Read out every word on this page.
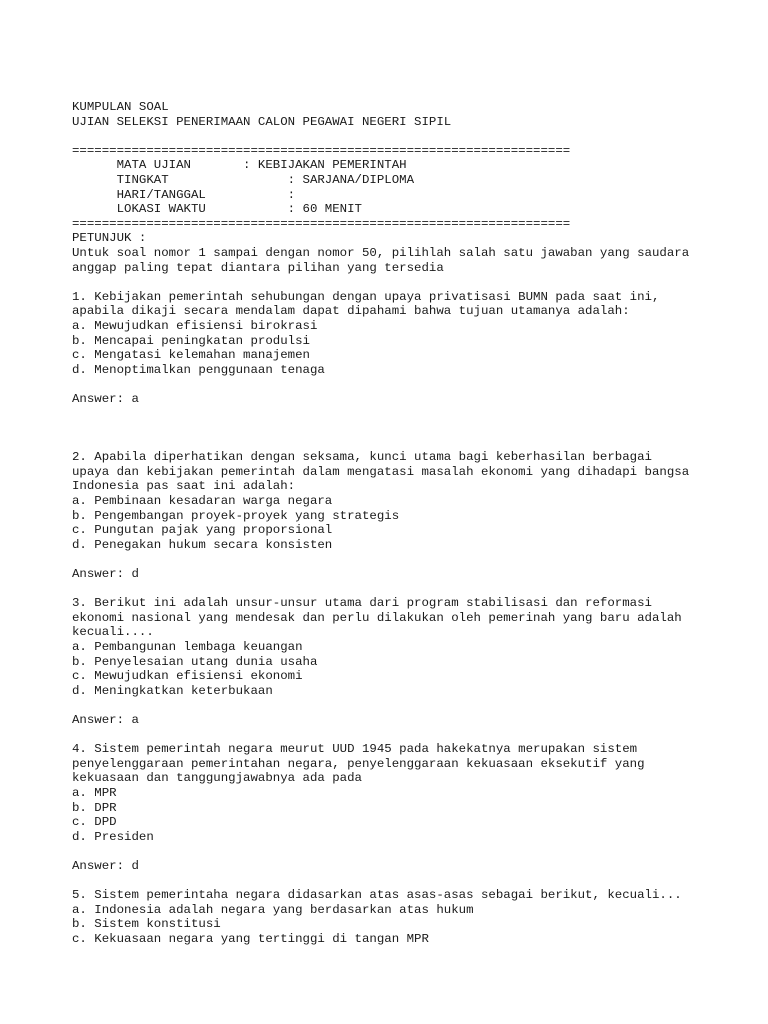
KUMPULAN SOAL
UJIAN SELEKSI PENERIMAAN CALON PEGAWAI NEGERI SIPIL
===================================================================
MATA UJIAN       : KEBIJAKAN PEMERINTAH
TINGKAT                : SARJANA/DIPLOMA
HARI/TANGGAL           :
LOKASI WAKTU           : 60 MENIT
===================================================================
PETUNJUK :
Untuk soal nomor 1 sampai dengan nomor 50, pilihlah salah satu jawaban yang saudara
anggap paling tepat diantara pilihan yang tersedia
1. Kebijakan pemerintah sehubungan dengan upaya privatisasi BUMN pada saat ini,
apabila dikaji secara mendalam dapat dipahami bahwa tujuan utamanya adalah:
a. Mewujudkan efisiensi birokrasi
b. Mencapai peningkatan produlsi
c. Mengatasi kelemahan manajemen
d. Menoptimalkan penggunaan tenaga
Answer: a
2. Apabila diperhatikan dengan seksama, kunci utama bagi keberhasilan berbagai
upaya dan kebijakan pemerintah dalam mengatasi masalah ekonomi yang dihadapi bangsa
Indonesia pas saat ini adalah:
a. Pembinaan kesadaran warga negara
b. Pengembangan proyek-proyek yang strategis
c. Pungutan pajak yang proporsional
d. Penegakan hukum secara konsisten
Answer: d
3. Berikut ini adalah unsur-unsur utama dari program stabilisasi dan reformasi
ekonomi nasional yang mendesak dan perlu dilakukan oleh pemerinah yang baru adalah
kecuali....
a. Pembangunan lembaga keuangan
b. Penyelesaian utang dunia usaha
c. Mewujudkan efisiensi ekonomi
d. Meningkatkan keterbukaan
Answer: a
4. Sistem pemerintah negara meurut UUD 1945 pada hakekatnya merupakan sistem
penyelenggaraan pemerintahan negara, penyelenggaraan kekuasaan eksekutif yang
kekuasaan dan tanggungjawabnya ada pada
a. MPR
b. DPR
c. DPD
d. Presiden
Answer: d
5. Sistem pemerintaha negara didasarkan atas asas-asas sebagai berikut, kecuali...
a. Indonesia adalah negara yang berdasarkan atas hukum
b. Sistem konstitusi
c. Kekuasaan negara yang tertinggi di tangan MPR
